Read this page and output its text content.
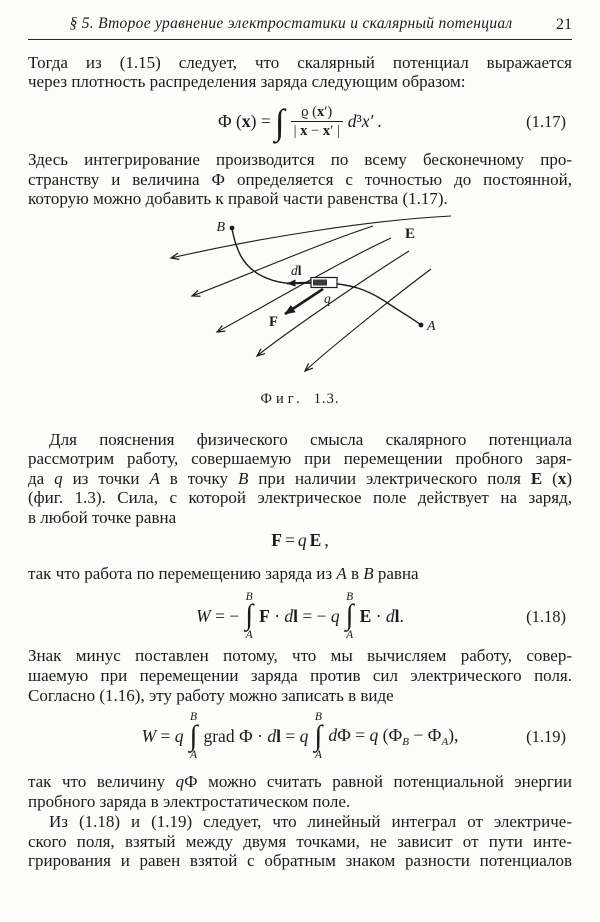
§ 5. Второе уравнение электростатики и скалярный потенциал	21
Тогда из (1.15) следует, что скалярный потенциал выражается
через плотность распределения заряда следующим образом:
Ф (x) = ∫ $\frac{ϱ (x')}{| x - x' |} d^3x'$ .	(1.17)
Здесь интегрирование производится по всему бесконечному про-
странству и величина Ф определяется с точностью до постоянной,
которую можно добавить к правой части равенства (1.17).
B
A
E
dl
q
F
Фиг. 1.3.
Для пояснения физического смысла скалярного потенциала
рассмотрим работу, совершаемую при перемещении пробного заря-
да q из точки A в точку B при наличии электрического поля E (x)
(фиг. 1.3). Сила, с которой электрическое поле действует на заряд,
в любой точке равна
F = q E ,
так что работа по перемещению заряда из A в B равна
W = −
B
∫
A
F · dl = − q
B
∫
A
E · dl.	(1.18)
Знак минус поставлен потому, что мы вычисляем работу, совер-
шаемую при перемещении заряда против сил электрического поля.
Согласно (1.16), эту работу можно записать в виде
W = q
B
∫
A
grad Ф · dl = q
B
∫
A
dФ = q $(Ф_B - Ф_A)$,	(1.19)
так что величину qФ можно считать равной потенциальной энергии
пробного заряда в электростатическом поле.
Из (1.18) и (1.19) следует, что линейный интеграл от электриче-
ского поля, взятый между двумя точками, не зависит от пути инте-
грирования и равен взятой с обратным знаком разности потенциалов
